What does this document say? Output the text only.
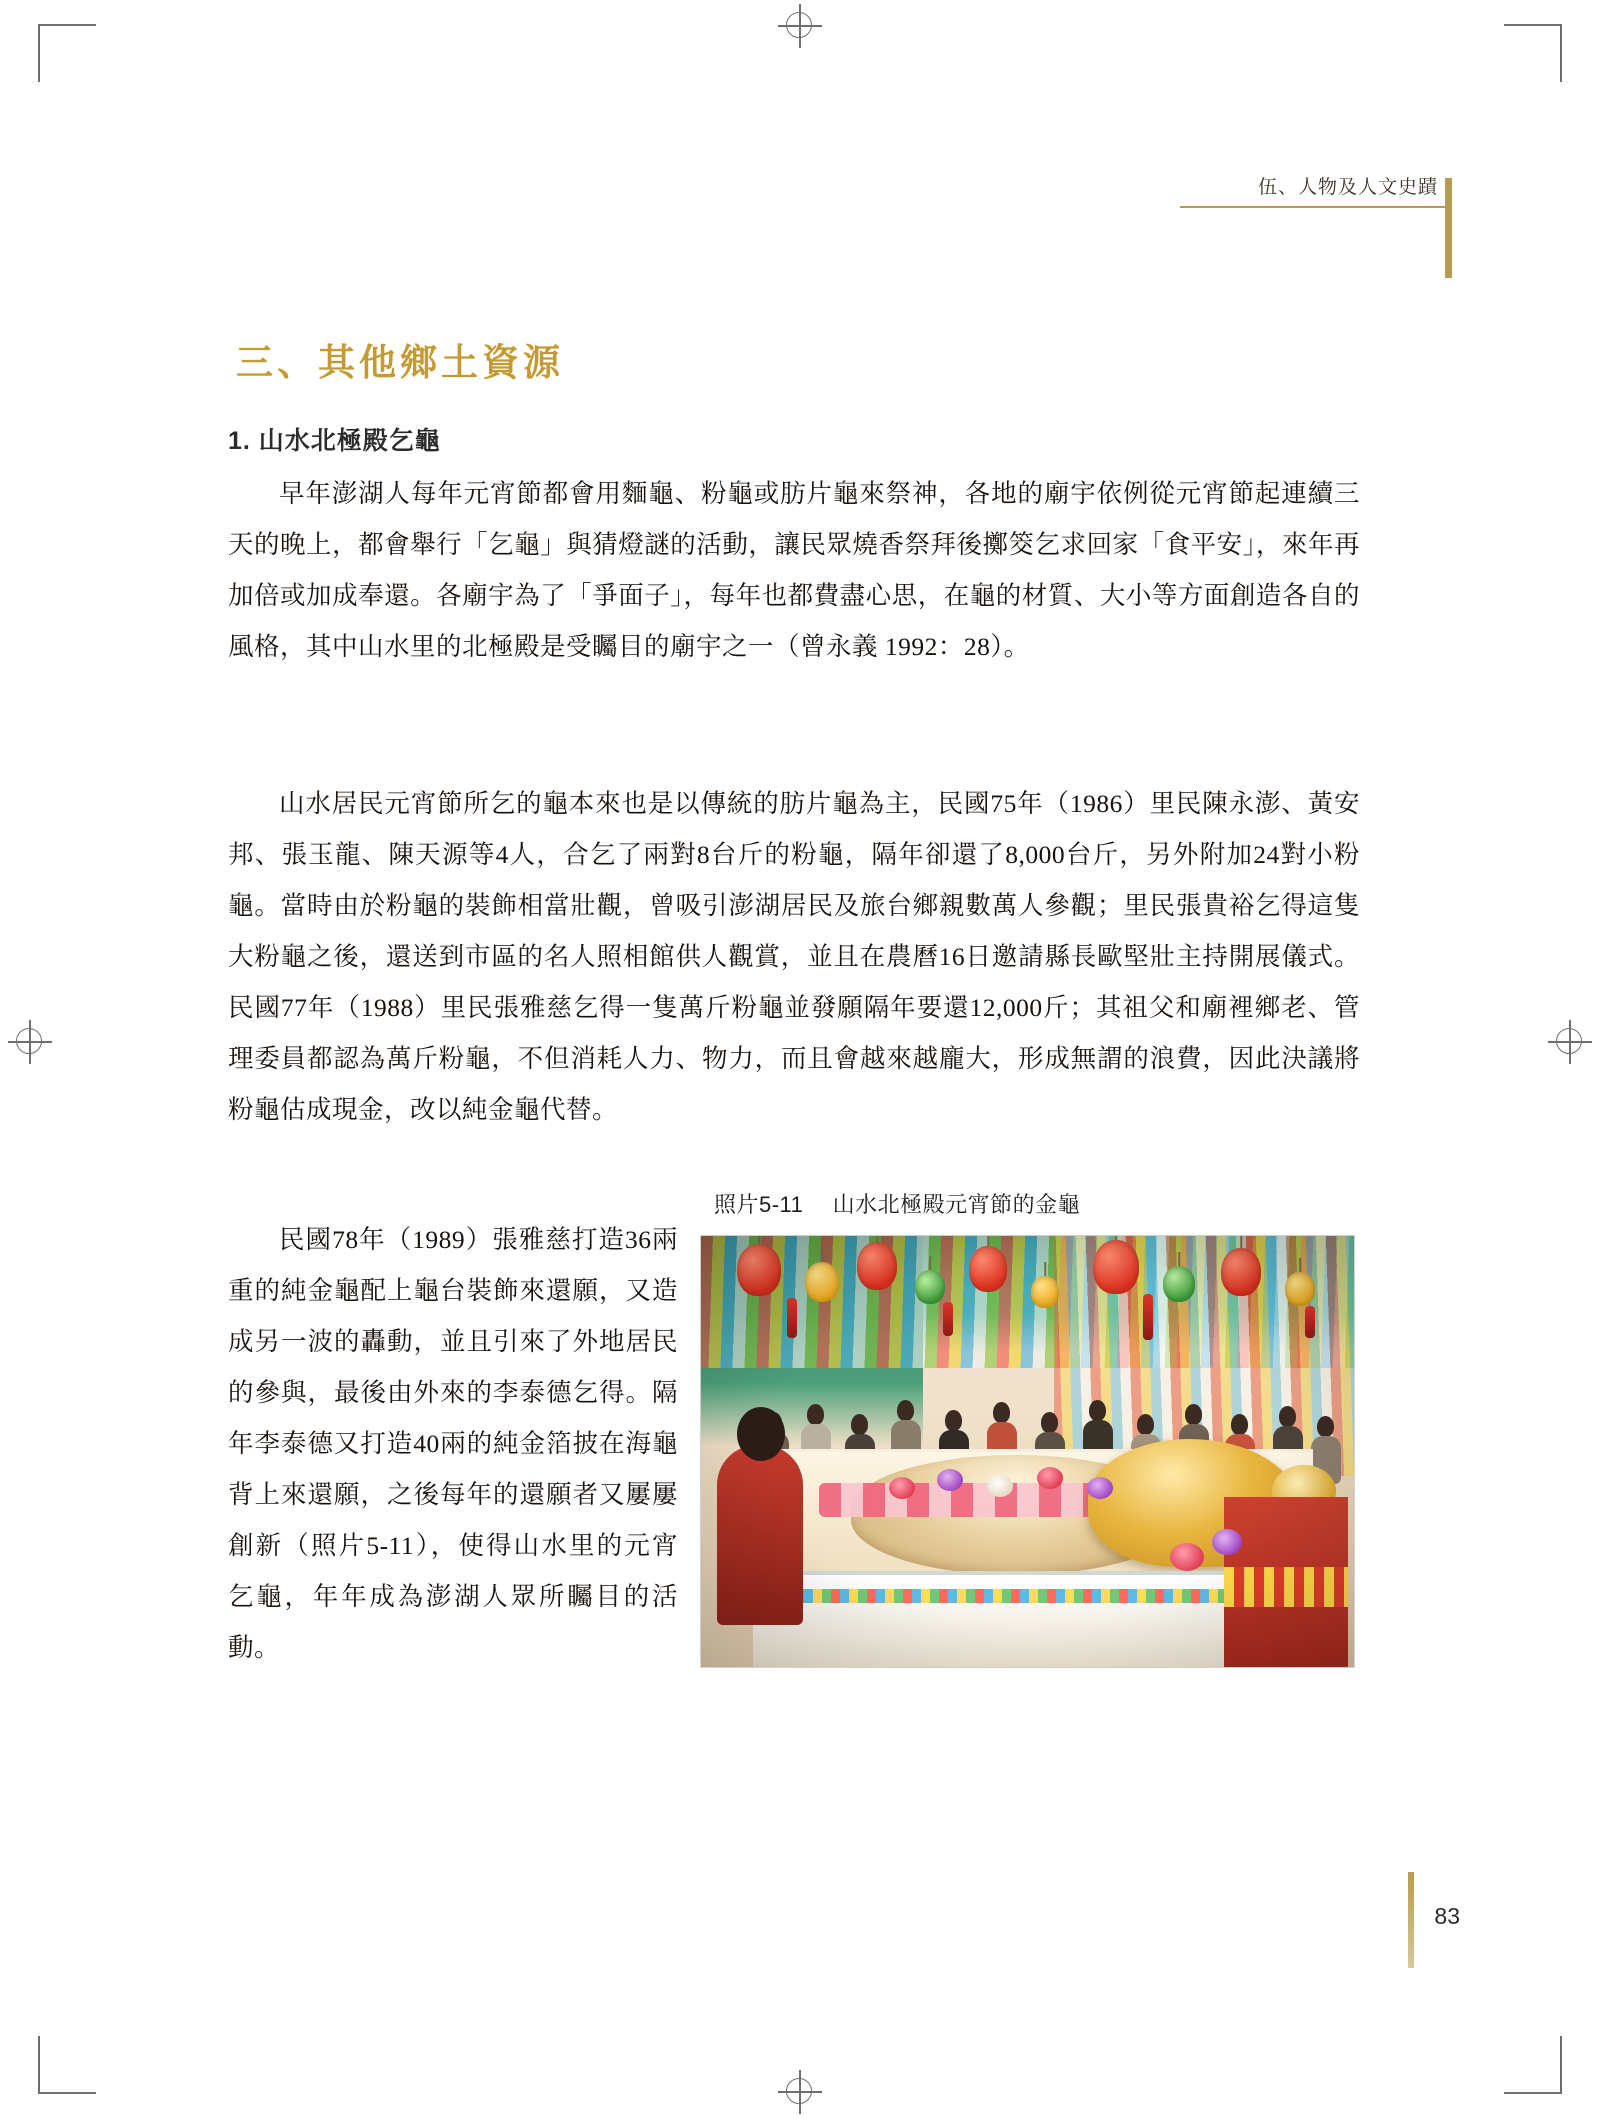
伍、人物及人文史蹟
三、其他鄉土資源
1. 山水北極殿乞龜

早年澎湖人每年元宵節都會用麵龜、粉龜或肪片龜來祭神，各地的廟宇依例從元宵節起連續三天的晚上，都會舉行「乞龜」與猜燈謎的活動，讓民眾燒香祭拜後擲筊乞求回家「食平安」，來年再加倍或加成奉還。各廟宇為了「爭面子」，每年也都費盡心思，在龜的材質、大小等方面創造各自的風格，其中山水里的北極殿是受矚目的廟宇之一（曾永義 1992：28）。

山水居民元宵節所乞的龜本來也是以傳統的肪片龜為主，民國75年（1986）里民陳永澎、黃安邦、張玉龍、陳天源等4人，合乞了兩對8台斤的粉龜，隔年卻還了8,000台斤，另外附加24對小粉龜。當時由於粉龜的裝飾相當壯觀，曾吸引澎湖居民及旅台鄉親數萬人參觀；里民張貴裕乞得這隻大粉龜之後，還送到市區的名人照相館供人觀賞，並且在農曆16日邀請縣長歐堅壯主持開展儀式。民國77年（1988）里民張雅慈乞得一隻萬斤粉龜並發願隔年要還12,000斤；其祖父和廟裡鄉老、管理委員都認為萬斤粉龜，不但消耗人力、物力，而且會越來越龐大，形成無謂的浪費，因此決議將粉龜估成現金，改以純金龜代替。

照片5-11 山水北極殿元宵節的金龜

民國78年（1989）張雅慈打造36兩重的純金龜配上龜台裝飾來還願，又造成另一波的轟動，並且引來了外地居民的參與，最後由外來的李泰德乞得。隔年李泰德又打造40兩的純金箔披在海龜背上來還願，之後每年的還願者又屢屢創新（照片5-11），使得山水里的元宵乞龜，年年成為澎湖人眾所矚目的活動。

83
